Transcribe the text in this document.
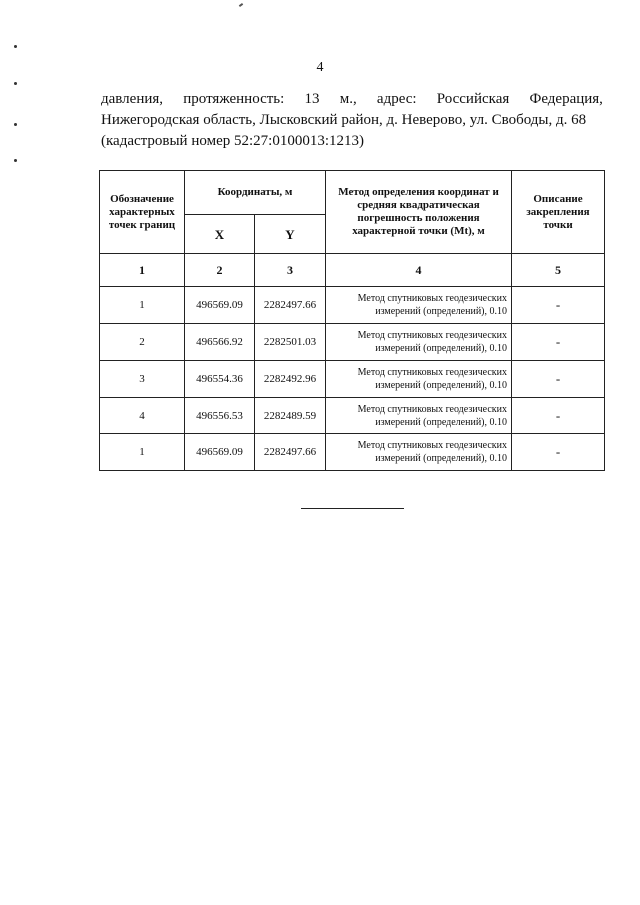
4
давления, протяженность: 13 м., адрес: Российская Федерация,
Нижегородская область, Лысковский район, д. Неверово, ул. Свободы, д. 68
(кадастровый номер 52:27:0100013:1213)
Обозначение характерных точек границ	Координаты, м		Метод определения координат и средняя квадратическая погрешность положения характерной точки (Mt), м	Описание закрепления точки
	X	Y		
1	2	3	4	5
1	496569.09	2282497.66	Метод спутниковых геодезических измерений (определений), 0.10	-
2	496566.92	2282501.03	Метод спутниковых геодезических измерений (определений), 0.10	-
3	496554.36	2282492.96	Метод спутниковых геодезических измерений (определений), 0.10	-
4	496556.53	2282489.59	Метод спутниковых геодезических измерений (определений), 0.10	-
1	496569.09	2282497.66	Метод спутниковых геодезических измерений (определений), 0.10	-
